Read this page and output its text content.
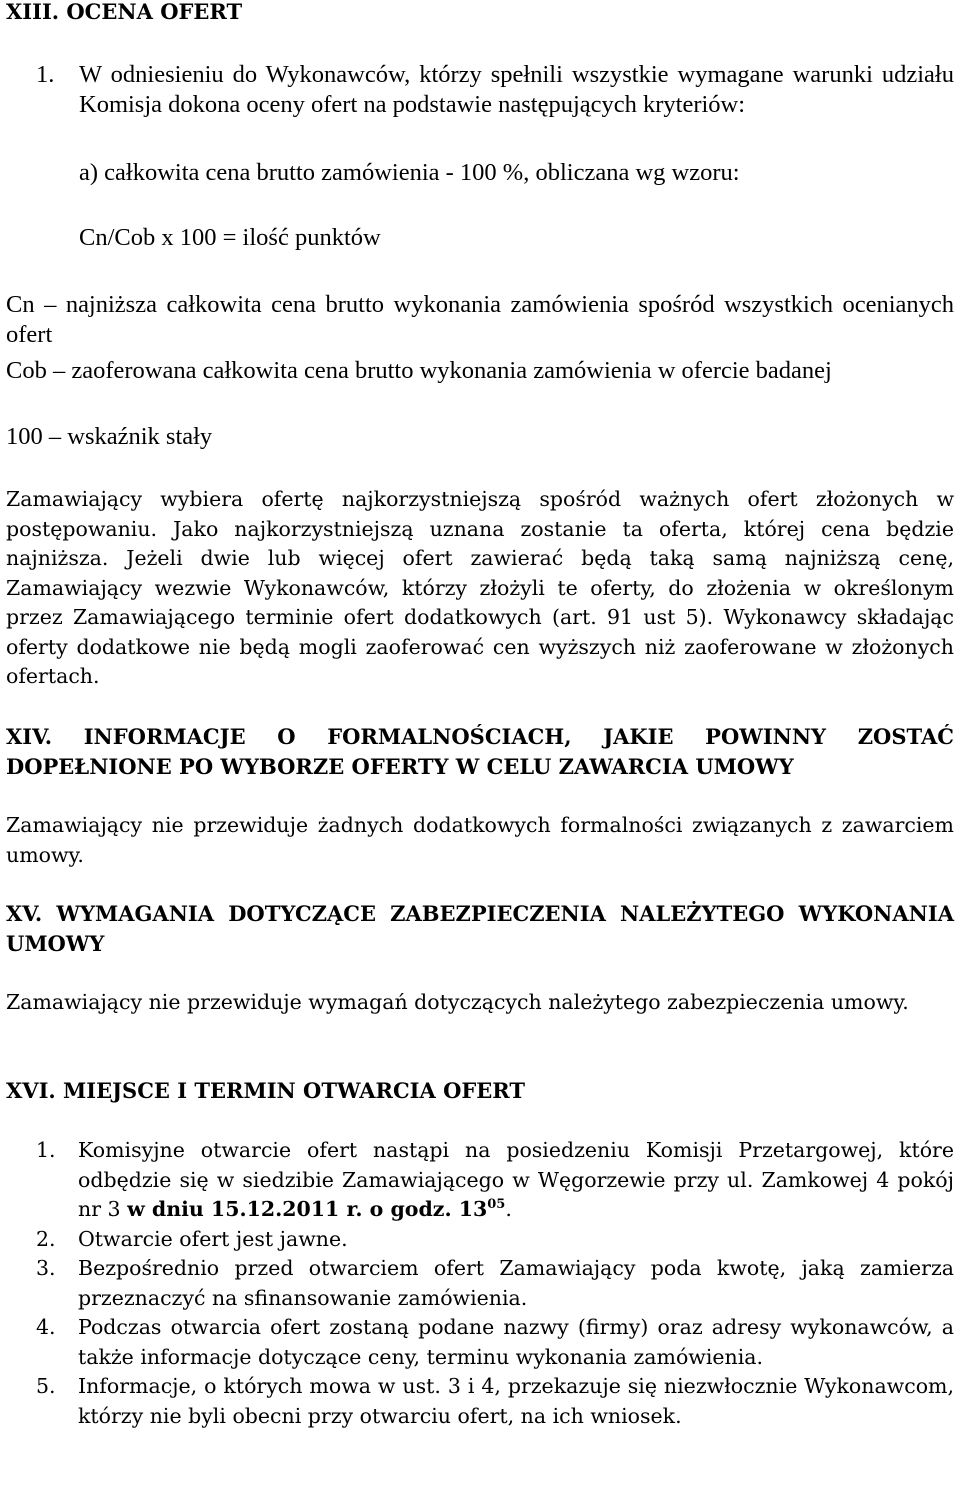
XIII. OCENA OFERT
1.	W odniesieniu do Wykonawców, którzy spełnili wszystkie wymagane warunki udziału Komisja dokona oceny ofert na podstawie następujących kryteriów:
a) całkowita cena brutto zamówienia - 100 %, obliczana wg wzoru:
Cn/Cob x 100 = ilość punktów
Cn – najniższa całkowita cena brutto wykonania zamówienia spośród wszystkich ocenianych ofert
Cob – zaoferowana całkowita cena brutto wykonania zamówienia w ofercie badanej
100 – wskaźnik stały
Zamawiający wybiera ofertę najkorzystniejszą spośród ważnych ofert złożonych w postępowaniu. Jako najkorzystniejszą uznana zostanie ta oferta, której cena będzie najniższa. Jeżeli dwie lub więcej ofert zawierać będą taką samą najniższą cenę, Zamawiający wezwie Wykonawców, którzy złożyli te oferty, do złożenia w określonym przez Zamawiającego terminie ofert dodatkowych (art. 91 ust 5). Wykonawcy składając oferty dodatkowe nie będą mogli zaoferować cen wyższych niż zaoferowane w złożonych ofertach.
XIV. INFORMACJE O FORMALNOŚCIACH, JAKIE POWINNY ZOSTAĆ DOPEŁNIONE PO WYBORZE OFERTY W CELU ZAWARCIA UMOWY
Zamawiający nie przewiduje żadnych dodatkowych formalności związanych z zawarciem umowy.
XV. WYMAGANIA DOTYCZĄCE ZABEZPIECZENIA NALEŻYTEGO WYKONANIA UMOWY
Zamawiający nie przewiduje wymagań dotyczących należytego zabezpieczenia umowy.
XVI. MIEJSCE I TERMIN OTWARCIA OFERT
1.	Komisyjne otwarcie ofert nastąpi na posiedzeniu Komisji Przetargowej, które odbędzie się w siedzibie Zamawiającego w Węgorzewie przy ul. Zamkowej 4 pokój nr 3 w dniu 15.12.2011 r. o godz. $13^{05}$.
2.	Otwarcie ofert jest jawne.
3.	Bezpośrednio przed otwarciem ofert Zamawiający poda kwotę, jaką zamierza przeznaczyć na sfinansowanie zamówienia.
4.	Podczas otwarcia ofert zostaną podane nazwy (firmy) oraz adresy wykonawców, a także informacje dotyczące ceny, terminu wykonania zamówienia.
5.	Informacje, o których mowa w ust. 3 i 4, przekazuje się niezwłocznie Wykonawcom, którzy nie byli obecni przy otwarciu ofert, na ich wniosek.
